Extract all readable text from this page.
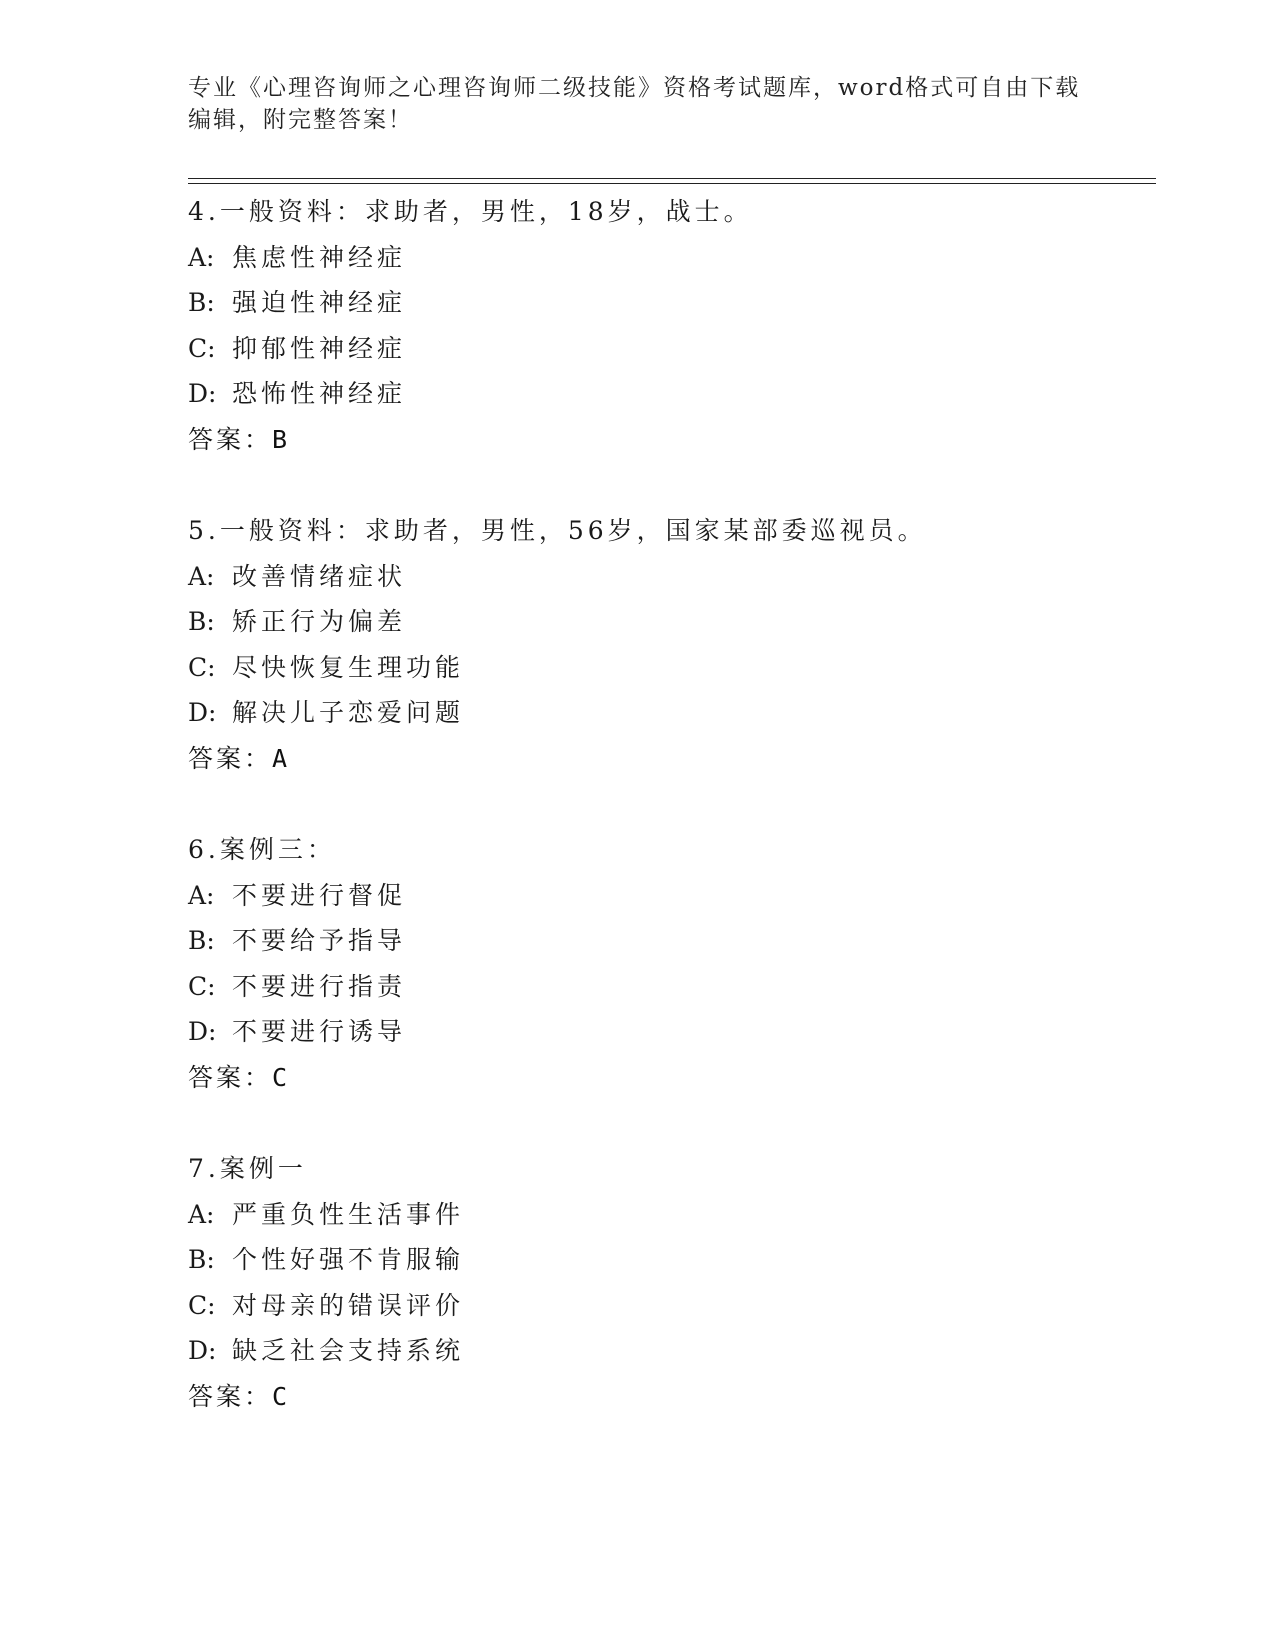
专业《心理咨询师之心理咨询师二级技能》资格考试题库，word格式可自由下载
编辑，附完整答案！
4.一般资料：求助者，男性，18岁，战士。
A: 焦虑性神经症
B: 强迫性神经症
C: 抑郁性神经症
D: 恐怖性神经症
答案：B
5.一般资料：求助者，男性，56岁，国家某部委巡视员。
A: 改善情绪症状
B: 矫正行为偏差
C: 尽快恢复生理功能
D: 解决儿子恋爱问题
答案：A
6.案例三：
A: 不要进行督促
B: 不要给予指导
C: 不要进行指责
D: 不要进行诱导
答案：C
7.案例一
A: 严重负性生活事件
B: 个性好强不肯服输
C: 对母亲的错误评价
D: 缺乏社会支持系统
答案：C
